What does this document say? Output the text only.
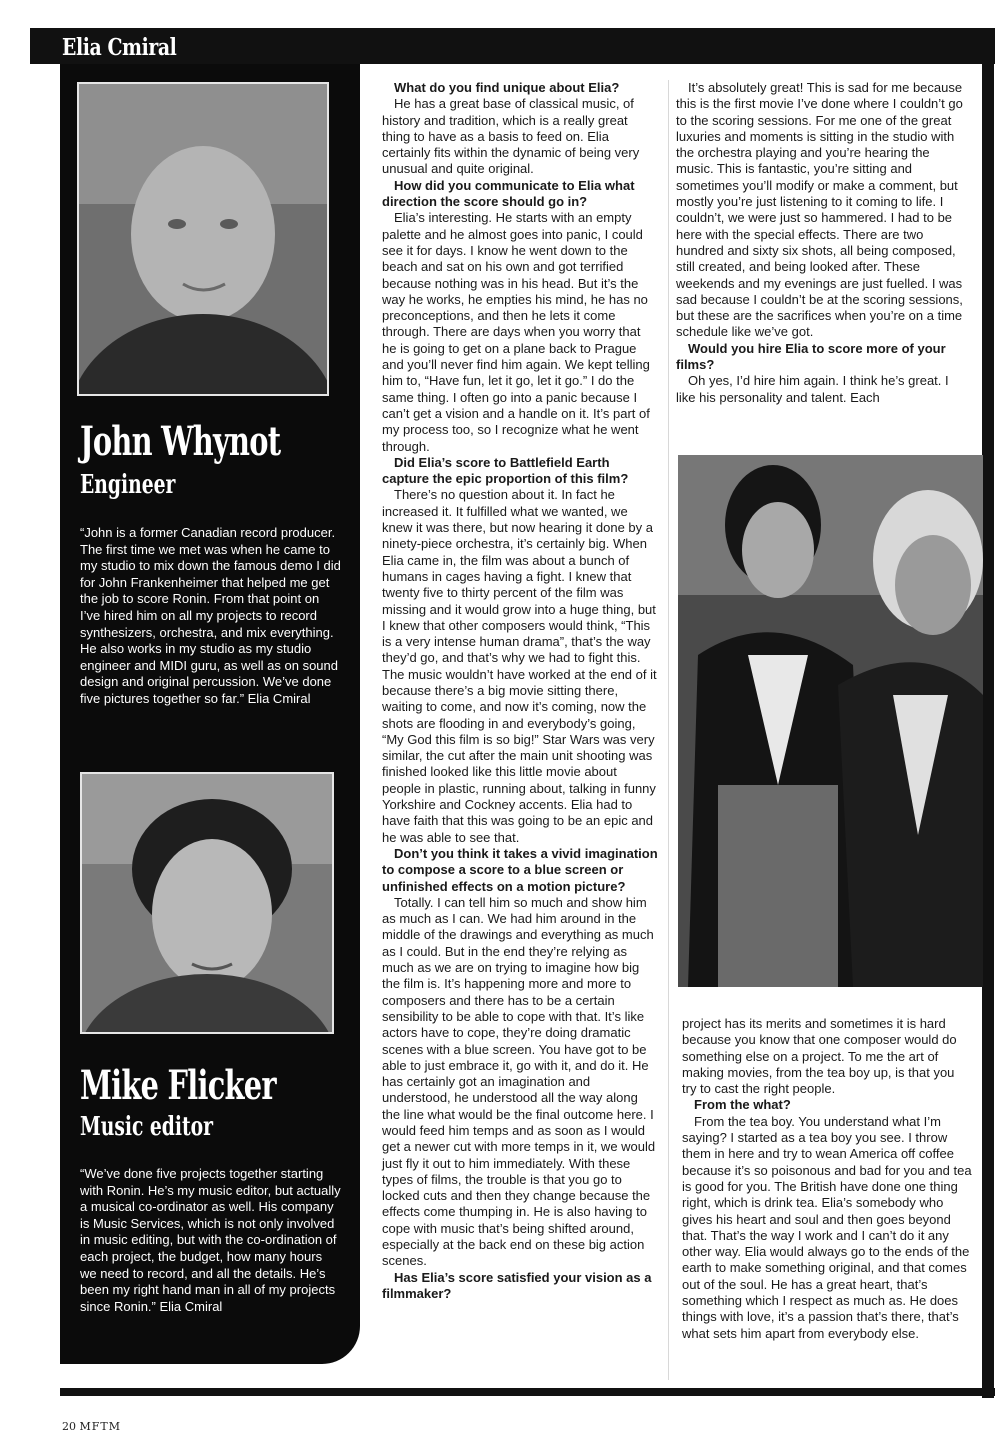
Elia Cmiral
John Whynot
Engineer
“John is a former Canadian record producer. The first time we met was when he came to my studio to mix down the famous demo I did for John Frankenheimer that helped me get the job to score Ronin. From that point on I’ve hired him on all my projects to record synthesizers, orchestra, and mix everything. He also works in my studio as my studio engineer and MIDI guru, as well as on sound design and original percussion. We’ve done five pictures together so far.” Elia Cmiral
Mike Flicker
Music editor
“We’ve done five projects together starting with Ronin. He’s my music editor, but actually a musical co-ordinator as well. His company is Music Services, which is not only involved in music editing, but with the co-ordination of each project, the budget, how many hours we need to record, and all the details. He’s been my right hand man in all of my projects since Ronin.” Elia Cmiral

What do you find unique about Elia?

He has a great base of classical music, of history and tradition, which is a really great thing to have as a basis to feed on. Elia certainly fits within the dynamic of being very unusual and quite original.

How did you communicate to Elia what direction the score should go in?

Elia’s interesting. He starts with an empty palette and he almost goes into panic, I could see it for days. I know he went down to the beach and sat on his own and got terrified because nothing was in his head. But it’s the way he works, he empties his mind, he has no preconceptions, and then he lets it come through. There are days when you worry that he is going to get on a plane back to Prague and you’ll never find him again. We kept telling him to, “Have fun, let it go, let it go.” I do the same thing. I often go into a panic because I can’t get a vision and a handle on it. It’s part of my process too, so I recognize what he went through.

Did Elia’s score to Battlefield Earth capture the epic proportion of this film?

There’s no question about it. In fact he increased it. It fulfilled what we wanted, we knew it was there, but now hearing it done by a ninety-piece orchestra, it’s certainly big. When Elia came in, the film was about a bunch of humans in cages having a fight. I knew that twenty five to thirty percent of the film was missing and it would grow into a huge thing, but I knew that other composers would think, “This is a very intense human drama”, that’s the way they’d go, and that’s why we had to fight this. The music wouldn’t have worked at the end of it because there’s a big movie sitting there, waiting to come, and now it’s coming, now the shots are flooding in and everybody’s going, “My God this film is so big!” Star Wars was very similar, the cut after the main unit shooting was finished looked like this little movie about people in plastic, running about, talking in funny Yorkshire and Cockney accents. Elia had to have faith that this was going to be an epic and he was able to see that.

Don’t you think it takes a vivid imagination to compose a score to a blue screen or unfinished effects on a motion picture?

Totally. I can tell him so much and show him as much as I can. We had him around in the middle of the drawings and everything as much as I could. But in the end they’re relying as much as we are on trying to imagine how big the film is. It’s happening more and more to composers and there has to be a certain sensibility to be able to cope with that. It’s like actors have to cope, they’re doing dramatic scenes with a blue screen. You have got to be able to just embrace it, go with it, and do it. He has certainly got an imagination and understood, he understood all the way along the line what would be the final outcome here. I would feed him temps and as soon as I would get a newer cut with more temps in it, we would just fly it out to him immediately. With these types of films, the trouble is that you go to locked cuts and then they change because the effects come thumping in. He is also having to cope with music that’s being shifted around, especially at the back end on these big action scenes.

Has Elia’s score satisfied your vision as a filmmaker?

It’s absolutely great! This is sad for me because this is the first movie I’ve done where I couldn’t go to the scoring sessions. For me one of the great luxuries and moments is sitting in the studio with the orchestra playing and you’re hearing the music. This is fantastic, you’re sitting and sometimes you’ll modify or make a comment, but mostly you’re just listening to it coming to life. I couldn’t, we were just so hammered. I had to be here with the special effects. There are two hundred and sixty six shots, all being composed, still created, and being looked after. These weekends and my evenings are just fuelled. I was sad because I couldn’t be at the scoring sessions, but these are the sacrifices when you’re on a time schedule like we’ve got.

Would you hire Elia to score more of your films?

Oh yes, I’d hire him again. I think he’s great. I like his personality and talent. Each

project has its merits and sometimes it is hard because you know that one composer would do something else on a project. To me the art of making movies, from the tea boy up, is that you try to cast the right people.

From the what?

From the tea boy. You understand what I’m saying? I started as a tea boy you see. I throw them in here and try to wean America off coffee because it’s so poisonous and bad for you and tea is good for you. The British have done one thing right, which is drink tea. Elia’s somebody who gives his heart and soul and then goes beyond that. That’s the way I work and I can’t do it any other way. Elia would always go to the ends of the earth to make something original, and that comes out of the soul. He has a great heart, that’s something which I respect as much as. He does things with love, it’s a passion that’s there, that’s what sets him apart from everybody else.

20 MFTM
